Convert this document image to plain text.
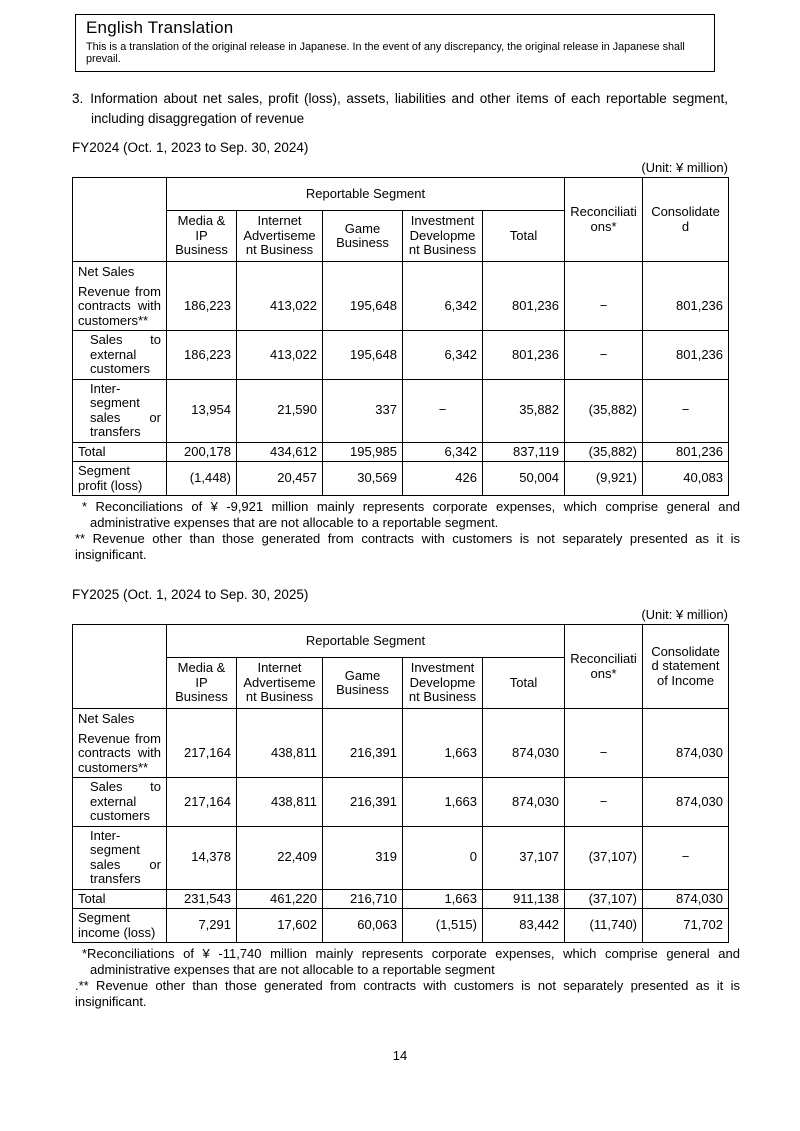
English Translation
This is a translation of the original release in Japanese. In the event of any discrepancy, the original release in Japanese shall prevail.

3. Information about net sales, profit (loss), assets, liabilities and other items of each reportable segment, including disaggregation of revenue

FY2024 (Oct. 1, 2023 to Sep. 30, 2024)
(Unit: ¥ million)
	Reportable Segment					Reconciliations*	Consolidated
	Media & IP Business	Internet Advertisement Business	Game Business	Investment Development Business	Total		
Net Sales							
Revenue from contracts with customers**	186,223	413,022	195,648	6,342	801,236	−	801,236
Sales to external customers	186,223	413,022	195,648	6,342	801,236	−	801,236
Inter-segment sales or transfers	13,954	21,590	337	−	35,882	(35,882)	−
Total	200,178	434,612	195,985	6,342	837,119	(35,882)	801,236
Segment profit (loss)	(1,448)	20,457	30,569	426	50,004	(9,921)	40,083
* Reconciliations of ¥ -9,921 million mainly represents corporate expenses, which comprise general and administrative expenses that are not allocable to a reportable segment.
** Revenue other than those generated from contracts with customers is not separately presented as it is insignificant.
FY2025 (Oct. 1, 2024 to Sep. 30, 2025)
(Unit: ¥ million)
	Reportable Segment					Reconciliations*	Consolidated statement of Income
	Media & IP Business	Internet Advertisement Business	Game Business	Investment Development Business	Total		
Net Sales							
Revenue from contracts with customers**	217,164	438,811	216,391	1,663	874,030	−	874,030
Sales to external customers	217,164	438,811	216,391	1,663	874,030	−	874,030
Inter-segment sales or transfers	14,378	22,409	319	0	37,107	(37,107)	−
Total	231,543	461,220	216,710	1,663	911,138	(37,107)	874,030
Segment income (loss)	7,291	17,602	60,063	(1,515)	83,442	(11,740)	71,702
*Reconciliations of ¥ -11,740 million mainly represents corporate expenses, which comprise general and administrative expenses that are not allocable to a reportable segment
.** Revenue other than those generated from contracts with customers is not separately presented as it is insignificant.
14
